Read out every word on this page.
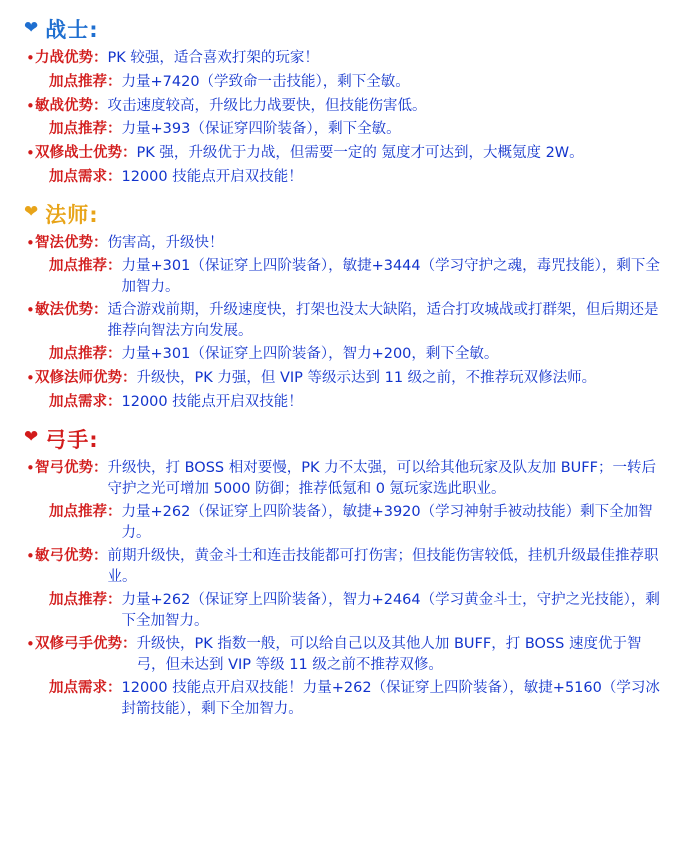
❤ 战士:
• 力战优势 ： PK 较强，适合喜欢打架的玩家！
加点推荐 ： 力量+7420（学致命一击技能），剩下全敏。
• 敏战优势 ： 攻击速度较高，升级比力战要快，但技能伤害低。
加点推荐 ： 力量+393（保证穿四阶装备），剩下全敏。
• 双修战士优势 ： PK 强，升级优于力战，但需要一定的 氪度才可达到，大概氪度 2W。
加点需求 ： 12000 技能点开启双技能！
❤ 法师:
• 智法优势 ： 伤害高，升级快！
加点推荐 ： 力量+301（保证穿上四阶装备），敏捷+3444（学习守护之魂，毒咒技能），剩下全加智力。
• 敏法优势 ： 适合游戏前期，升级速度快，打架也没太大缺陷，适合打攻城战或打群架，但后期还是推荐向智法方向发展。
加点推荐 ： 力量+301（保证穿上四阶装备），智力+200，剩下全敏。
• 双修法师优势 ： 升级快，PK 力强，但 VIP 等级示达到 11 级之前，不推荐玩双修法师。
加点需求 ： 12000 技能点开启双技能！
❤ 弓手:
• 智弓优势 ： 升级快，打 BOSS 相对要慢，PK 力不太强，可以给其他玩家及队友加 BUFF；一转后守护之光可增加 5000 防御；推荐低氪和 0 氪玩家选此职业。
加点推荐 ： 力量+262（保证穿上四阶装备），敏捷+3920（学习神射手被动技能）剩下全加智力。
• 敏弓优势 ： 前期升级快，黄金斗士和连击技能都可打伤害；但技能伤害较低，挂机升级最佳推荐职业。
加点推荐 ： 力量+262（保证穿上四阶装备），智力+2464（学习黄金斗士，守护之光技能），剩下全加智力。
• 双修弓手优势 ： 升级快，PK 指数一般，可以给自己以及其他人加 BUFF，打 BOSS 速度优于智弓，但未达到 VIP 等级 11 级之前不推荐双修。
加点需求 ： 12000 技能点开启双技能！力量+262（保证穿上四阶装备），敏捷+5160（学习冰封箭技能），剩下全加智力。
